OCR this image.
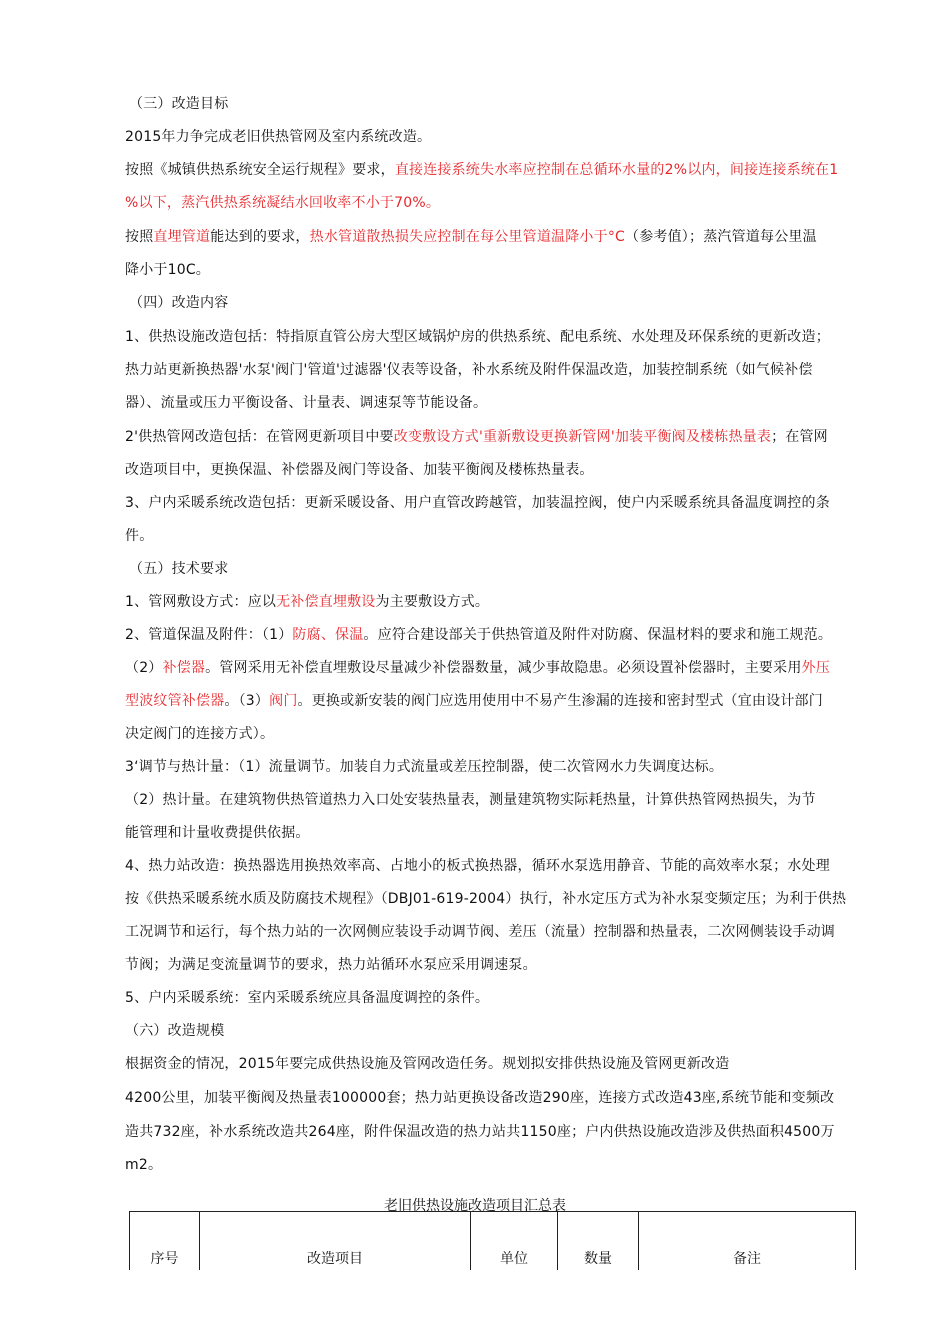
（三）改造目标
2015年力争完成老旧供热管网及室内系统改造。
按照《城镇供热系统安全运行规程》要求，直接连接系统失水率应控制在总循环水量的2%以内，间接连接系统在1
%以下，蒸汽供热系统凝结水回收率不小于70%。
按照直埋管道能达到的要求，热水管道散热损失应控制在每公里管道温降小于°C（参考值）；蒸汽管道每公里温
降小于10C。
（四）改造内容
1、供热设施改造包括：特指原直管公房大型区域锅炉房的供热系统、配电系统、水处理及环保系统的更新改造；
热力站更新换热器'水泵'阀门'管道'过滤器'仪表等设备，补水系统及附件保温改造，加装控制系统（如气候补偿
器）、流量或压力平衡设备、计量表、调速泵等节能设备。
2'供热管网改造包括：在管网更新项目中要改变敷设方式'重新敷设更换新管网'加装平衡阀及楼栋热量表；在管网
改造项目中，更换保温、补偿器及阀门等设备、加装平衡阀及楼栋热量表。
3、户内采暖系统改造包括：更新采暖设备、用户直管改跨越管，加装温控阀，使户内采暖系统具备温度调控的条
件。
（五）技术要求
1、管网敷设方式：应以无补偿直埋敷设为主要敷设方式。
2、管道保温及附件：（1）防腐、保温。应符合建设部关于供热管道及附件对防腐、保温材料的要求和施工规范。
（2）补偿器。管网采用无补偿直埋敷设尽量减少补偿器数量，减少事故隐患。必须设置补偿器时，主要采用外压
型波纹管补偿器。（3）阀门。更换或新安装的阀门应选用使用中不易产生渗漏的连接和密封型式（宜由设计部门
决定阀门的连接方式）。
3‘调节与热计量：（1）流量调节。加装自力式流量或差压控制器，使二次管网水力失调度达标。
（2）热计量。在建筑物供热管道热力入口处安装热量表，测量建筑物实际耗热量，计算供热管网热损失，为节
能管理和计量收费提供依据。
4、热力站改造：换热器选用换热效率高、占地小的板式换热器，循环水泵选用静音、节能的高效率水泵；水处理
按《供热采暖系统水质及防腐技术规程》（DBJ01-619-2004）执行，补水定压方式为补水泵变频定压；为利于供热
工况调节和运行，每个热力站的一次网侧应装设手动调节阀、差压（流量）控制器和热量表，二次网侧装设手动调
节阀；为满足变流量调节的要求，热力站循环水泵应采用调速泵。
5、户内采暖系统：室内采暖系统应具备温度调控的条件。
（六）改造规模
根据资金的情况，2015年要完成供热设施及管网改造任务。规划拟安排供热设施及管网更新改造
4200公里，加装平衡阀及热量表100000套；热力站更换设备改造290座，连接方式改造43座,系统节能和变频改
造共732座，补水系统改造共264座，附件保温改造的热力站共1150座；户内供热设施改造涉及供热面积4500万
m2。
老旧供热设施改造项目汇总表
序号	改造项目	单位	数量	备注
